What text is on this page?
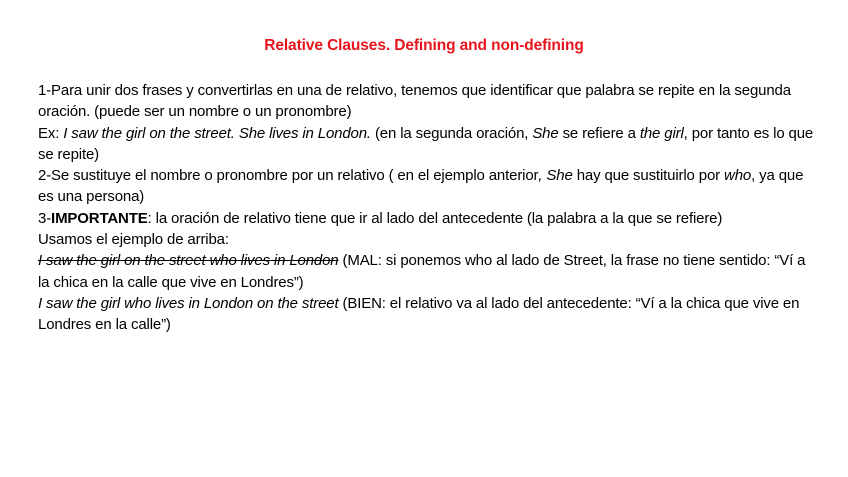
Relative Clauses. Defining and non-defining

1-Para unir dos frases y convertirlas en una de relativo, tenemos que identificar que palabra se repite en la segunda oración. (puede ser un nombre o un pronombre)

Ex: I saw the girl on the street. She lives in London. (en la segunda oración, She se refiere a the girl, por tanto es lo que se repite)

2-Se sustituye el nombre o pronombre por un relativo ( en el ejemplo anterior, She hay que sustituirlo por who, ya que es una persona)

3-IMPORTANTE: la oración de relativo tiene que ir al lado del antecedente (la palabra a la que se refiere)

Usamos el ejemplo de arriba:

I saw the girl on the street who lives in London (MAL: si ponemos who al lado de Street, la frase no tiene sentido: “Ví a la chica en la calle que vive en Londres”)

I saw the girl who lives in London on the street (BIEN: el relativo va al lado del antecedente: “Ví a la chica que vive en Londres en la calle”)
